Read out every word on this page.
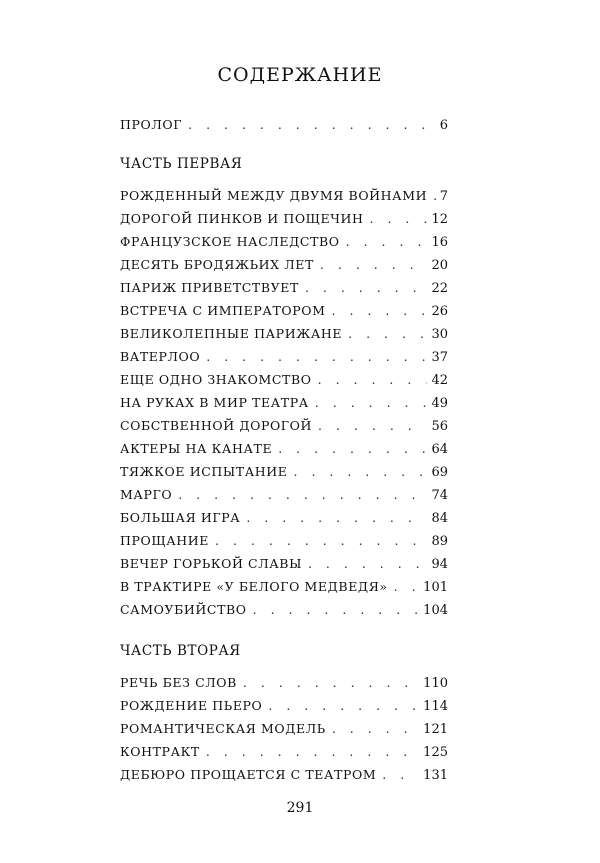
СОДЕРЖАНИЕ
ПРОЛОГ . . .	6
ЧАСТЬ ПЕРВАЯ
РОЖДЕННЫЙ МЕЖДУ ДВУМЯ ВОЙНАМИ . . . 7
ДОРОГОЙ ПИНКОВ И ПОЩЕЧИН . . .	12
ФРАНЦУЗСКОЕ НАСЛЕДСТВО . . .	16
ДЕСЯТЬ БРОДЯЖЬИХ ЛЕТ . . .	20
ПАРИЖ ПРИВЕТСТВУЕТ . . .	22
ВСТРЕЧА С ИМПЕРАТОРОМ . . .	26
ВЕЛИКОЛЕПНЫЕ ПАРИЖАНЕ . . .	30
ВАТЕРЛОО . . .	37
ЕЩЕ ОДНО ЗНАКОМСТВО . . .	42
НА РУКАХ В МИР ТЕАТРА . . .	49
СОБСТВЕННОЙ ДОРОГОЙ . . .	56
АКТЕРЫ НА КАНАТЕ . . .	64
ТЯЖКОЕ ИСПЫТАНИЕ . . .	69
МАРГО . . .	74
БОЛЬШАЯ ИГРА . . .	84
ПРОЩАНИЕ . . .	89
ВЕЧЕР ГОРЬКОЙ СЛАВЫ . . .	94
В ТРАКТИРЕ «У БЕЛОГО МЕДВЕДЯ» . . .	101
САМОУБИЙСТВО . . .	104
ЧАСТЬ ВТОРАЯ
РЕЧЬ БЕЗ СЛОВ . . .	110
РОЖДЕНИЕ ПЬЕРО . . .	114
РОМАНТИЧЕСКАЯ МОДЕЛЬ . . .	121
КОНТРАКТ . . .	125
ДЕБЮРО ПРОЩАЕТСЯ С ТЕАТРОМ . . .	131
291
